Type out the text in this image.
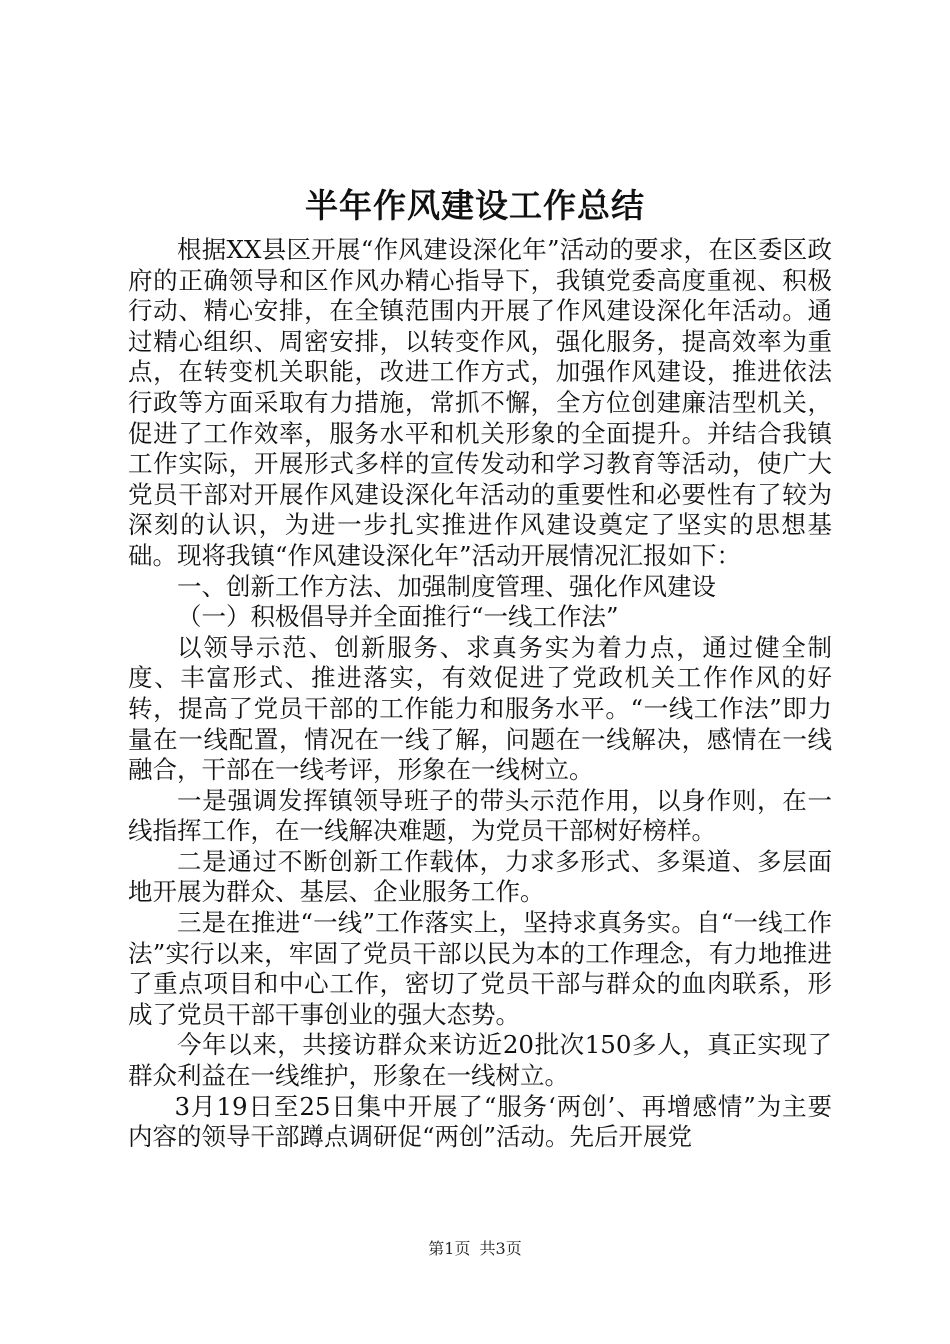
半年作风建设工作总结

根据XX县区开展“作风建设深化年”活动的要求，在区委区政府的正确领导和区作风办精心指导下，我镇党委高度重视、积极行动、精心安排，在全镇范围内开展了作风建设深化年活动。通过精心组织、周密安排，以转变作风，强化服务，提高效率为重点，在转变机关职能，改进工作方式，加强作风建设，推进依法行政等方面采取有力措施，常抓不懈，全方位创建廉洁型机关，促进了工作效率，服务水平和机关形象的全面提升。并结合我镇工作实际，开展形式多样的宣传发动和学习教育等活动，使广大党员干部对开展作风建设深化年活动的重要性和必要性有了较为深刻的认识，为进一步扎实推进作风建设奠定了坚实的思想基础。现将我镇“作风建设深化年”活动开展情况汇报如下：

一、创新工作方法、加强制度管理、强化作风建设

（一）积极倡导并全面推行“一线工作法”

以领导示范、创新服务、求真务实为着力点，通过健全制度、丰富形式、推进落实，有效促进了党政机关工作作风的好转，提高了党员干部的工作能力和服务水平。“一线工作法”即力量在一线配置，情况在一线了解，问题在一线解决，感情在一线融合，干部在一线考评，形象在一线树立。

一是强调发挥镇领导班子的带头示范作用，以身作则，在一线指挥工作，在一线解决难题，为党员干部树好榜样。

二是通过不断创新工作载体，力求多形式、多渠道、多层面地开展为群众、基层、企业服务工作。

三是在推进“一线”工作落实上，坚持求真务实。自“一线工作法”实行以来，牢固了党员干部以民为本的工作理念，有力地推进了重点项目和中心工作，密切了党员干部与群众的血肉联系，形成了党员干部干事创业的强大态势。

今年以来，共接访群众来访近20批次150多人，真正实现了群众利益在一线维护，形象在一线树立。

3月19日至25日集中开展了“服务‘两创’、再增感情”为主要内容的领导干部蹲点调研促“两创”活动。先后开展党

第1页 共3页
